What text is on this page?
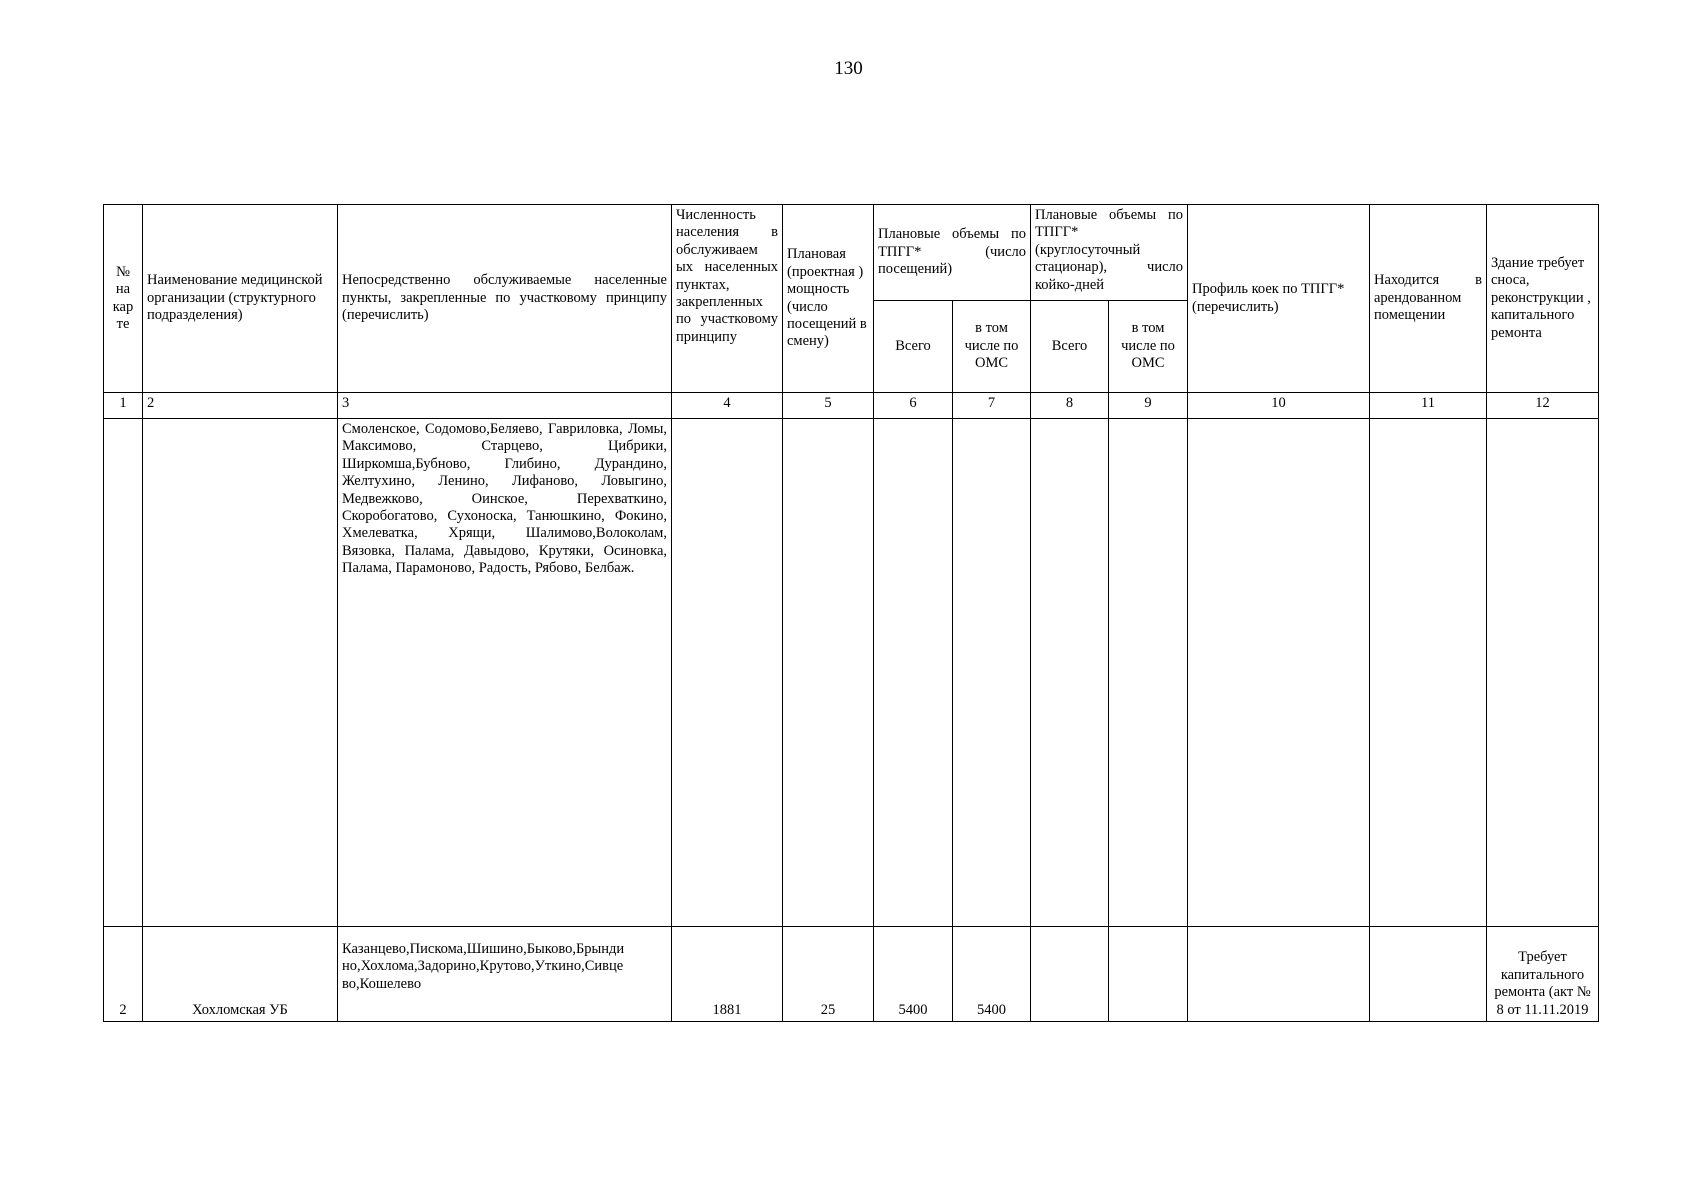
130
№ на кар те	Наименование медицинской организации (структурного подразделения)	Непосредственно обслуживаемые населенные пункты, закрепленные по участковому принципу (перечислить)	Численность населения в обслуживаем ых населенных пунктах, закрепленных по участковому принципу	Плановая (проектная ) мощность (число посещений в смену)	Плановые объемы по ТПГГ* (число посещений)		Плановые объемы по ТПГГ* (круглосуточный стационар), число койко-дней		Профиль коек по ТПГГ* (перечислить)	Находится в арендованном помещении	Здание требует сноса, реконструкции , капитального ремонта
					Всего	в том числе по ОМС	Всего	в том числе по ОМС			
1	2	3	4	5	6	7	8	9	10	11	12
		Смоленское, Содомово,Беляево, Гавриловка, Ломы, Максимово, Старцево, Цибрики, Ширкомша,Бубново, Глибино, Дурандино, Желтухино, Ленино, Лифаново, Ловыгино, Медвежково, Оинское, Перехваткино, Скоробогатово, Сухоноска, Танюшкино, Фокино, Хмелеватка, Хрящи, Шалимово,Волоколам, Вязовка, Палама, Давыдово, Крутяки, Осиновка, Палама, Парамоново, Радость, Рябово, Белбаж.									
2	Хохломская УБ	Казанцево,Пискома,Шишино,Быково,Брынди но,Хохлома,Задорино,Крутово,Уткино,Сивце во,Кошелево	1881	25	5400	5400					Требует капитального ремонта (акт № 8 от 11.11.2019
